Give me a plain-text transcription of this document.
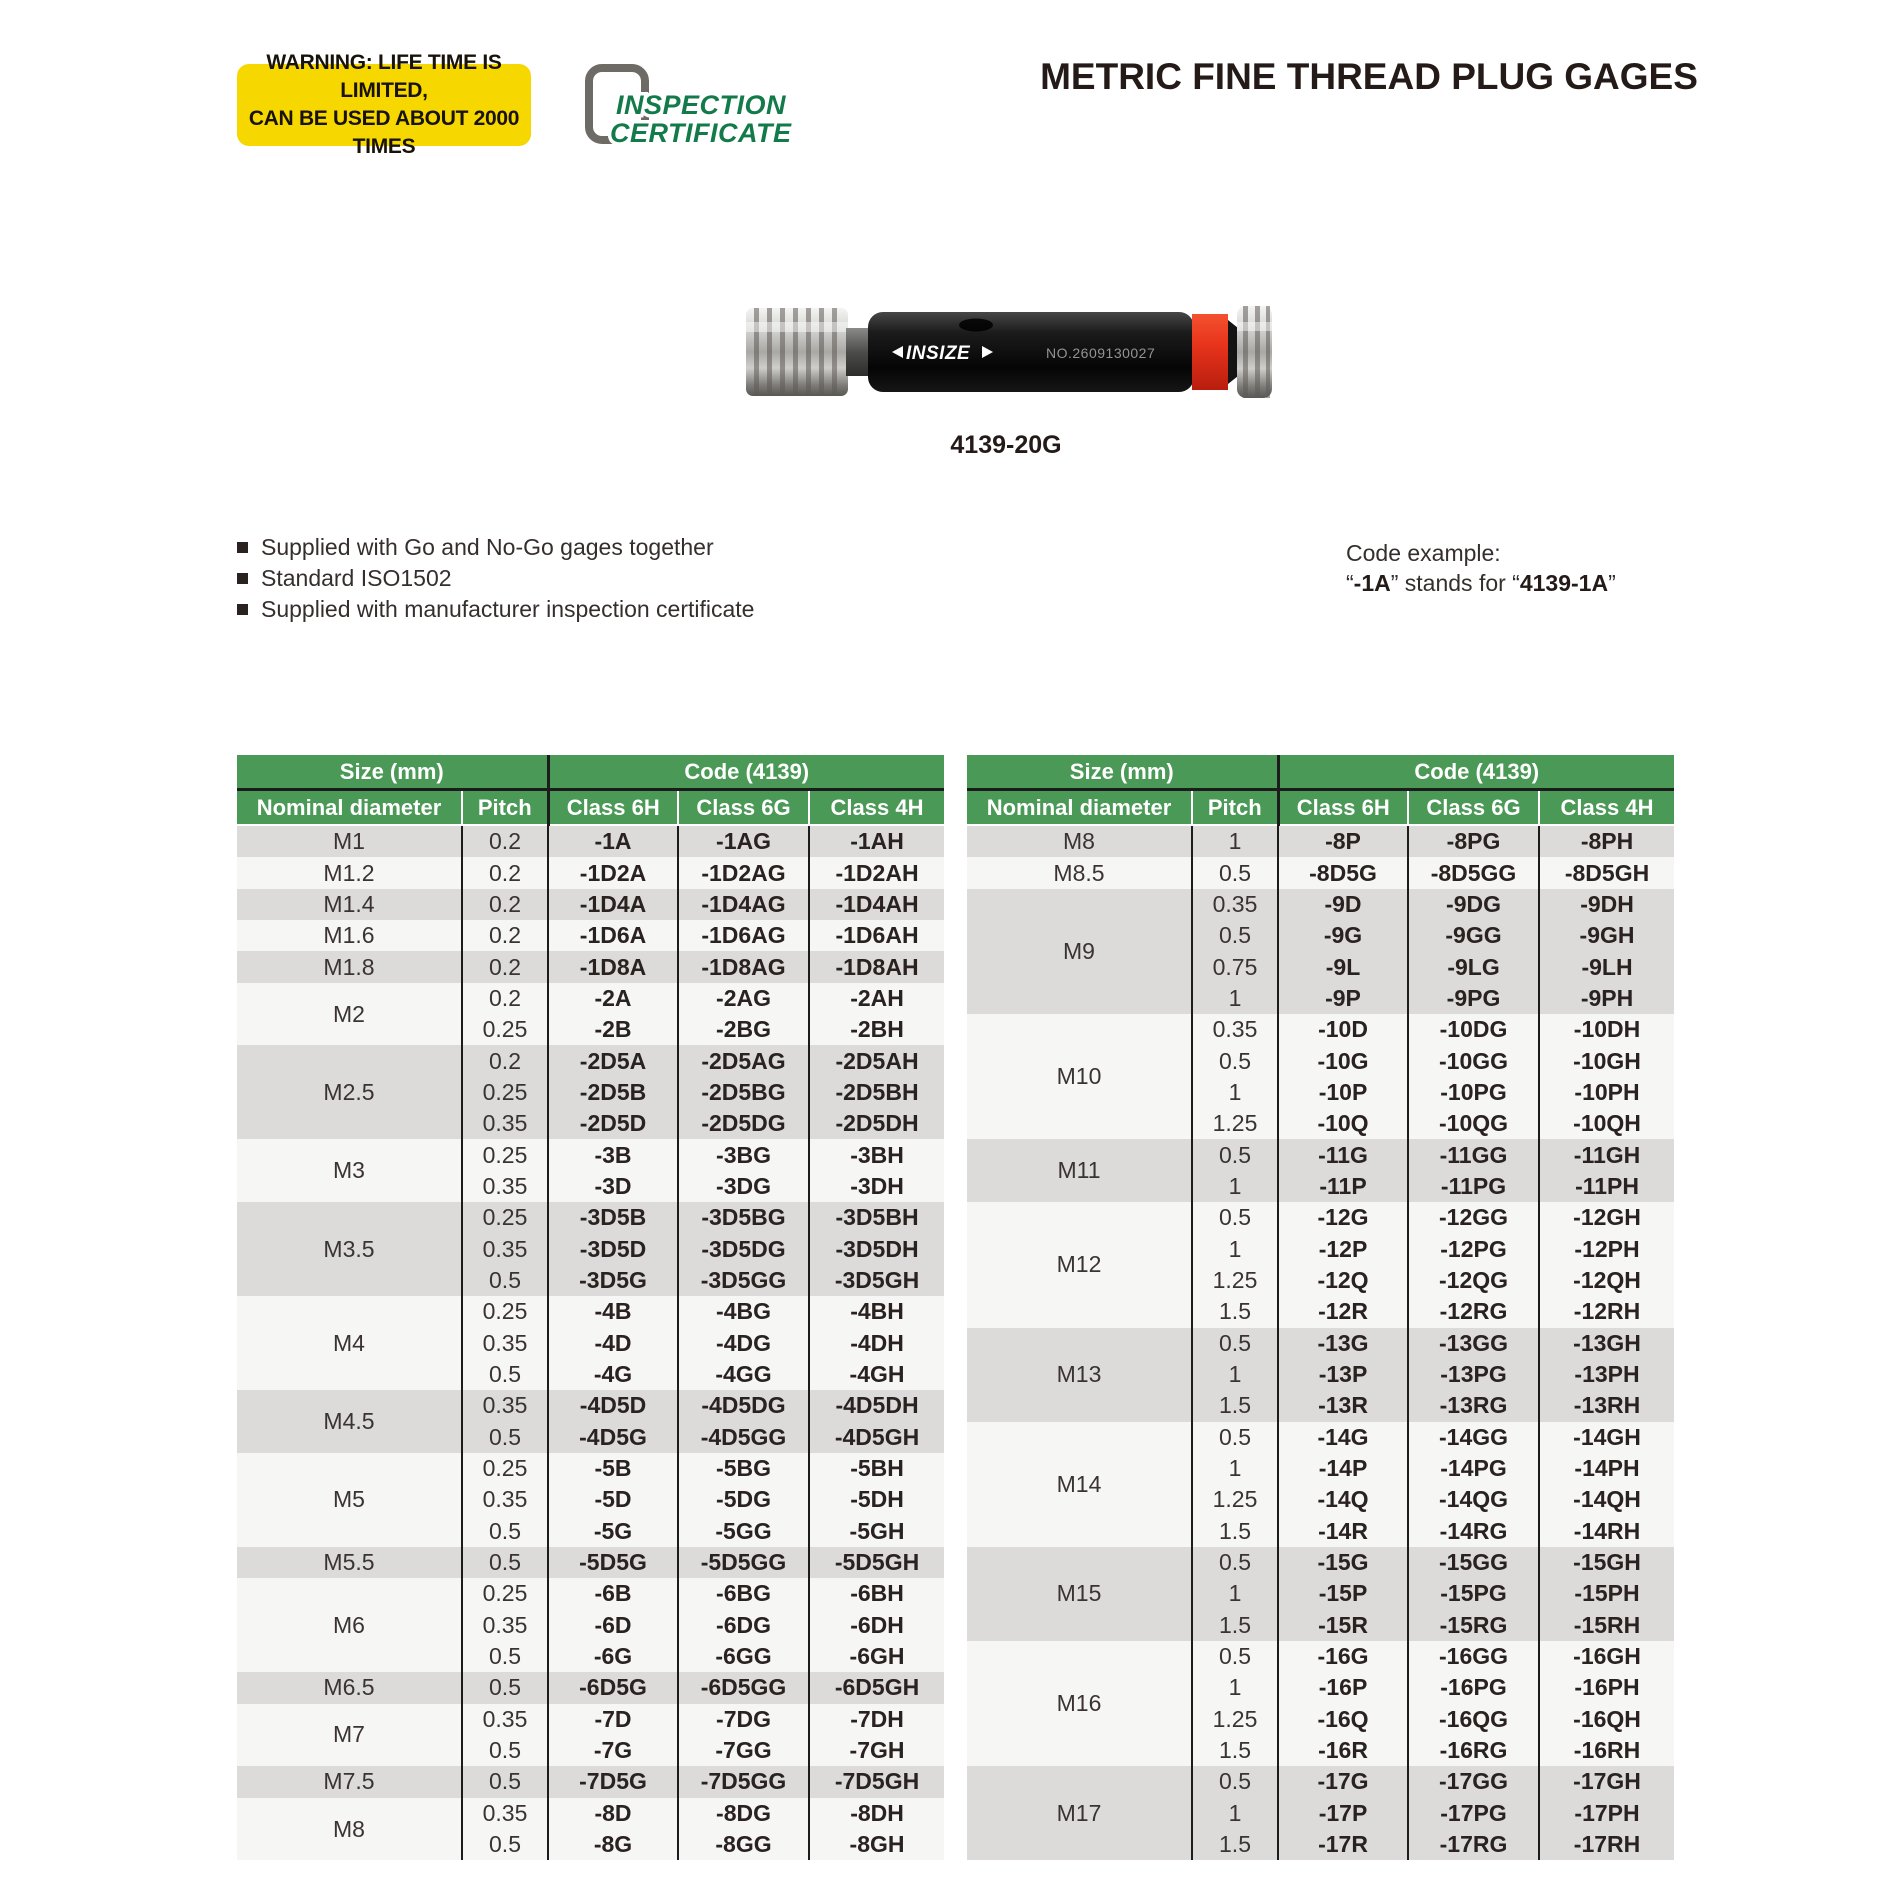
WARNING: LIFE TIME IS LIMITED,
CAN BE USED ABOUT 2000 TIMES
INSPECTION
CERTIFICATE
METRIC FINE THREAD PLUG GAGES
INSIZE	NO.2609130027
4139-20G
Supplied with Go and No-Go gages together
Standard ISO1502
Supplied with manufacturer inspection certificate
Code example:
“-1A” stands for “4139-1A”
Size (mm)		Code (4139)		
Nominal diameter	Pitch	Class 6H	Class 6G	Class 4H
M1	0.2	-1A	-1AG	-1AH
M1.2	0.2	-1D2A	-1D2AG	-1D2AH
M1.4	0.2	-1D4A	-1D4AG	-1D4AH
M1.6	0.2	-1D6A	-1D6AG	-1D6AH
M1.8	0.2	-1D8A	-1D8AG	-1D8AH
M2	0.2	-2A	-2AG	-2AH
	0.25	-2B	-2BG	-2BH
M2.5	0.2	-2D5A	-2D5AG	-2D5AH
	0.25	-2D5B	-2D5BG	-2D5BH
	0.35	-2D5D	-2D5DG	-2D5DH
M3	0.25	-3B	-3BG	-3BH
	0.35	-3D	-3DG	-3DH
M3.5	0.25	-3D5B	-3D5BG	-3D5BH
	0.35	-3D5D	-3D5DG	-3D5DH
	0.5	-3D5G	-3D5GG	-3D5GH
M4	0.25	-4B	-4BG	-4BH
	0.35	-4D	-4DG	-4DH
	0.5	-4G	-4GG	-4GH
M4.5	0.35	-4D5D	-4D5DG	-4D5DH
	0.5	-4D5G	-4D5GG	-4D5GH
M5	0.25	-5B	-5BG	-5BH
	0.35	-5D	-5DG	-5DH
	0.5	-5G	-5GG	-5GH
M5.5	0.5	-5D5G	-5D5GG	-5D5GH
M6	0.25	-6B	-6BG	-6BH
	0.35	-6D	-6DG	-6DH
	0.5	-6G	-6GG	-6GH
M6.5	0.5	-6D5G	-6D5GG	-6D5GH
M7	0.35	-7D	-7DG	-7DH
	0.5	-7G	-7GG	-7GH
M7.5	0.5	-7D5G	-7D5GG	-7D5GH
M8	0.35	-8D	-8DG	-8DH
	0.5	-8G	-8GG	-8GH
Size (mm)		Code (4139)		
Nominal diameter	Pitch	Class 6H	Class 6G	Class 4H
M8	1	-8P	-8PG	-8PH
M8.5	0.5	-8D5G	-8D5GG	-8D5GH
M9	0.35	-9D	-9DG	-9DH
	0.5	-9G	-9GG	-9GH
	0.75	-9L	-9LG	-9LH
	1	-9P	-9PG	-9PH
M10	0.35	-10D	-10DG	-10DH
	0.5	-10G	-10GG	-10GH
	1	-10P	-10PG	-10PH
	1.25	-10Q	-10QG	-10QH
M11	0.5	-11G	-11GG	-11GH
	1	-11P	-11PG	-11PH
M12	0.5	-12G	-12GG	-12GH
	1	-12P	-12PG	-12PH
	1.25	-12Q	-12QG	-12QH
	1.5	-12R	-12RG	-12RH
M13	0.5	-13G	-13GG	-13GH
	1	-13P	-13PG	-13PH
	1.5	-13R	-13RG	-13RH
M14	0.5	-14G	-14GG	-14GH
	1	-14P	-14PG	-14PH
	1.25	-14Q	-14QG	-14QH
	1.5	-14R	-14RG	-14RH
M15	0.5	-15G	-15GG	-15GH
	1	-15P	-15PG	-15PH
	1.5	-15R	-15RG	-15RH
M16	0.5	-16G	-16GG	-16GH
	1	-16P	-16PG	-16PH
	1.25	-16Q	-16QG	-16QH
	1.5	-16R	-16RG	-16RH
M17	0.5	-17G	-17GG	-17GH
	1	-17P	-17PG	-17PH
	1.5	-17R	-17RG	-17RH
